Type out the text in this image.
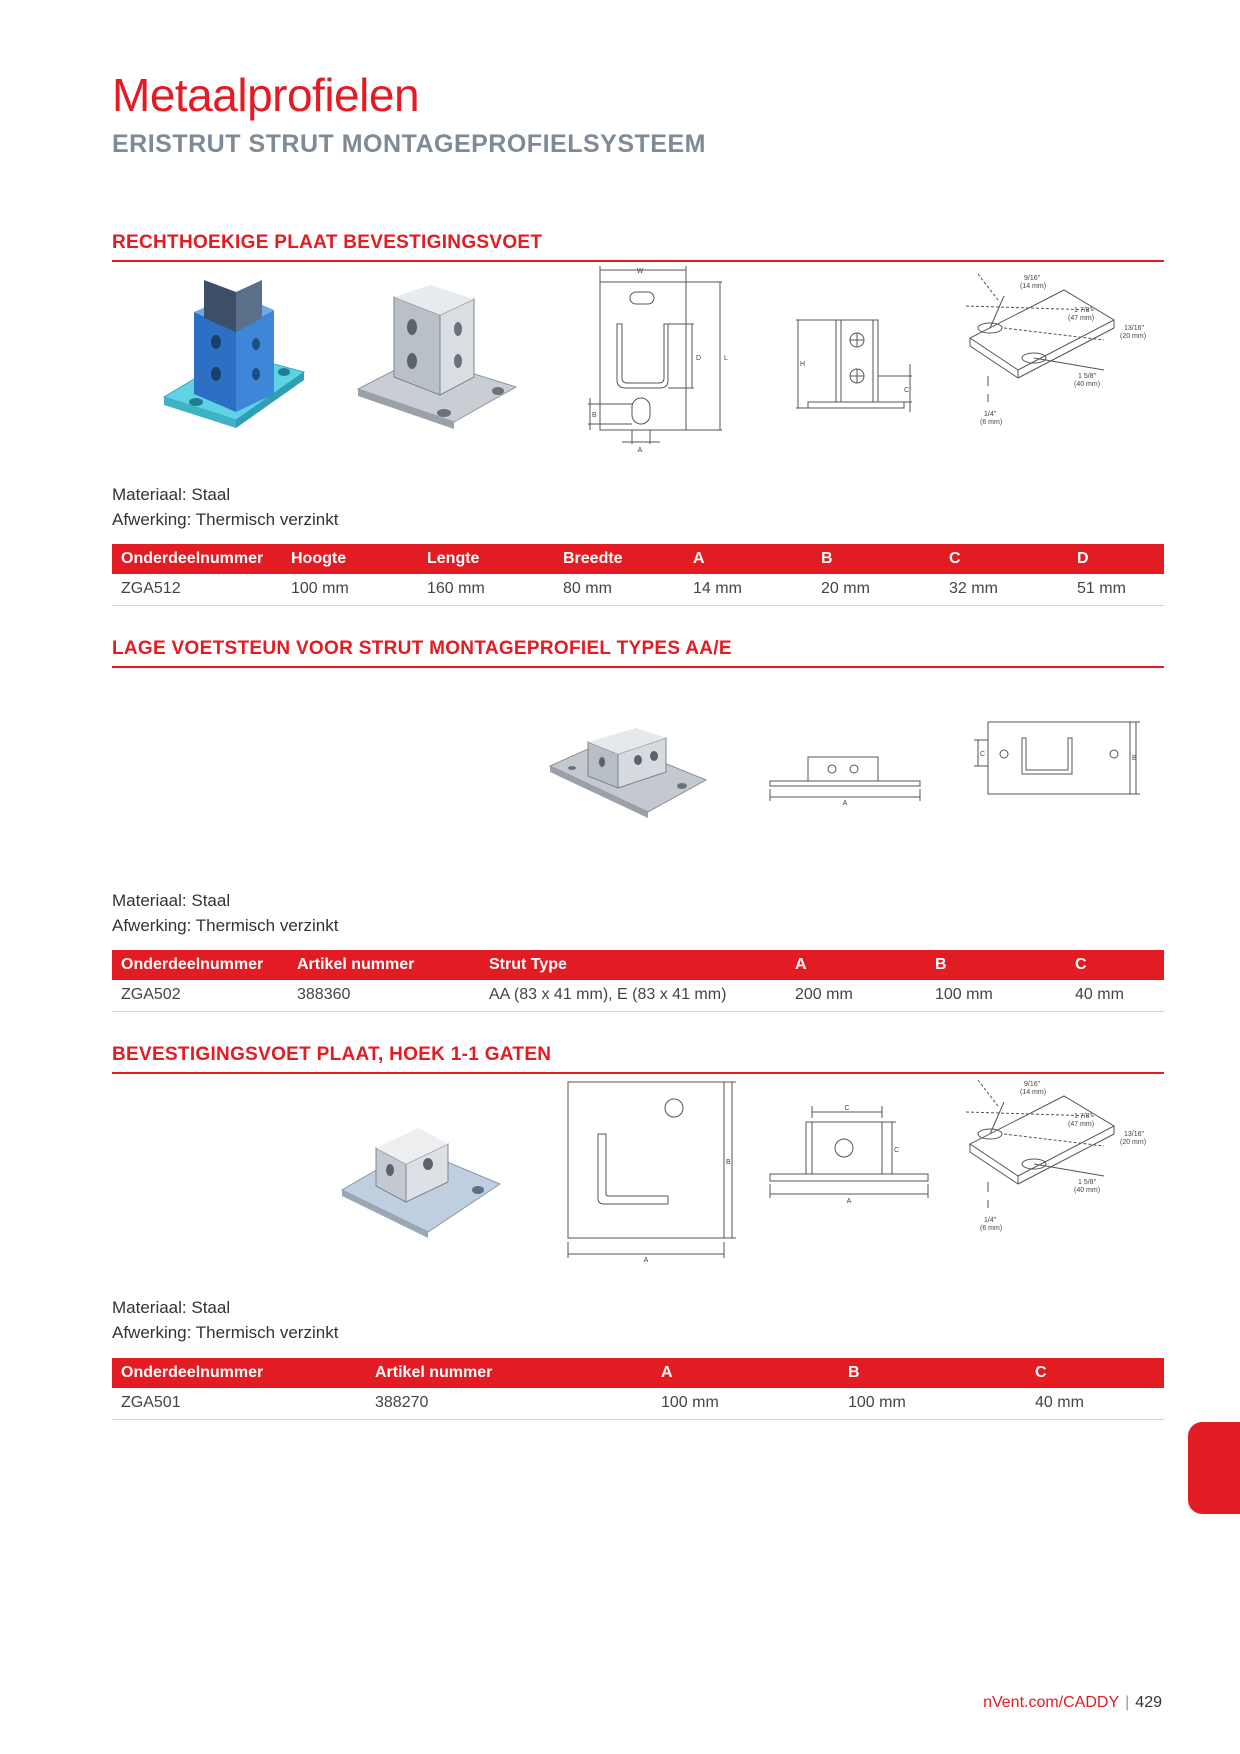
Metaalprofielen
ERISTRUT STRUT MONTAGEPROFIELSYSTEEM
RECHTHOEKIGE PLAAT BEVESTIGINGSVOET
W
D	L
B
A
H
C
9/16"
(14 mm)
1 7/8"
(47 mm)
13/16"
(20 mm)
1 5/8"
(40 mm)
1/4"
(6 mm)
Materiaal: Staal
Afwerking: Thermisch verzinkt
Onderdeelnummer	Hoogte	Lengte	Breedte	A	B	C	D
ZGA512	100 mm	160 mm	80 mm	14 mm	20 mm	32 mm	51 mm
LAGE VOETSTEUN VOOR STRUT MONTAGEPROFIEL TYPES AA/E
A
C
B
Materiaal: Staal
Afwerking: Thermisch verzinkt
Onderdeelnummer	Artikel nummer	Strut Type	A	B	C
ZGA502	388360	AA (83 x 41 mm), E (83 x 41 mm)	200 mm	100 mm	40 mm
BEVESTIGINGSVOET PLAAT, HOEK 1-1 GATEN
B
A
C
C
A
9/16"
(14 mm)
1 7/8"
(47 mm)
13/16"
(20 mm)
1 5/8"
(40 mm)
1/4"
(6 mm)
Materiaal: Staal
Afwerking: Thermisch verzinkt
Onderdeelnummer	Artikel nummer	A	B	C
ZGA501	388270	100 mm	100 mm	40 mm
nVent.com/CADDY | 429
